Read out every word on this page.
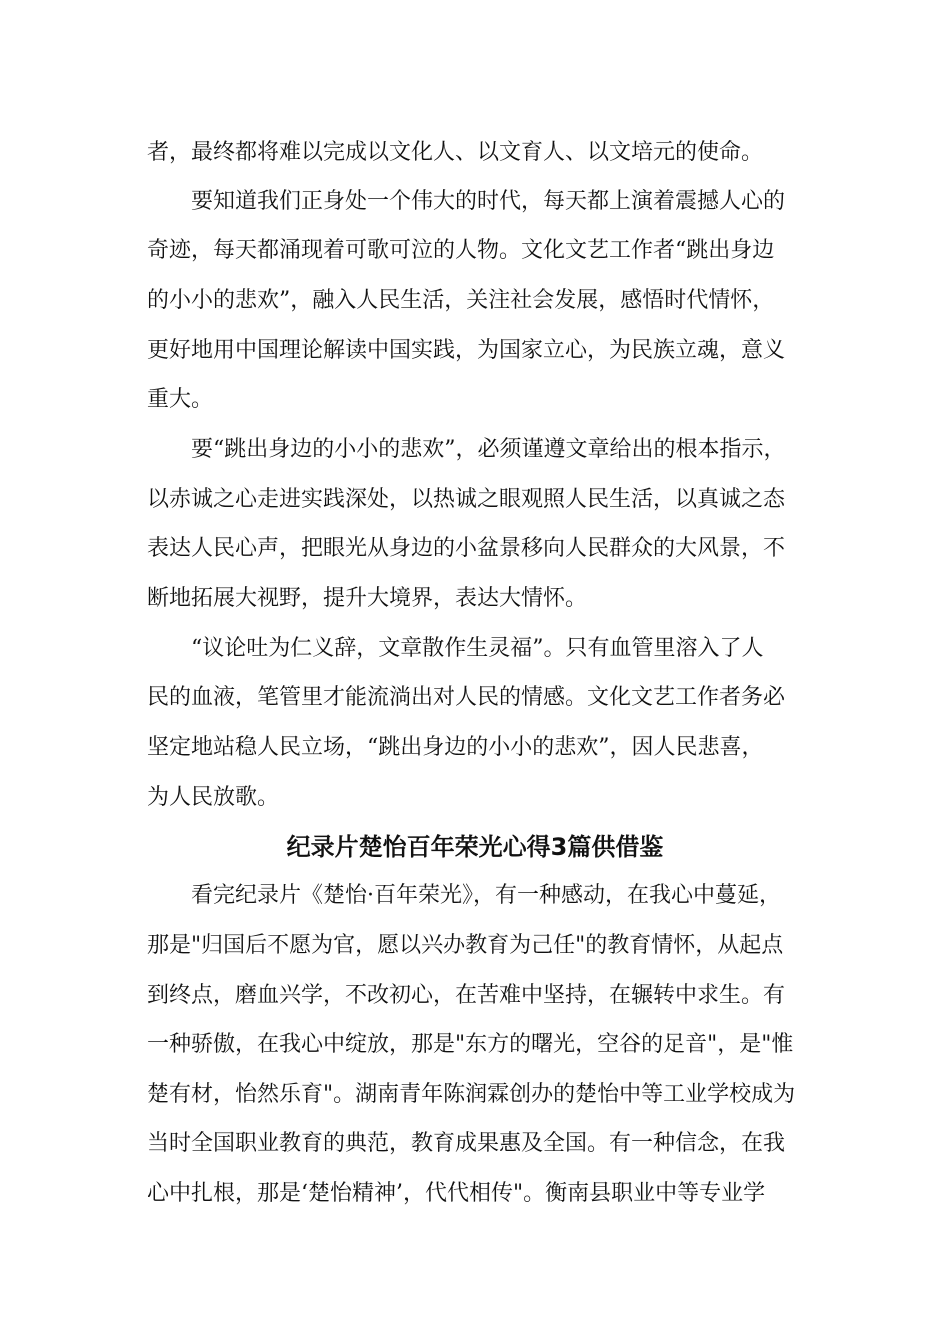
者，最终都将难以完成以文化人、以文育人、以文培元的使命。
　　要知道我们正身处一个伟大的时代，每天都上演着震撼人心的
奇迹，每天都涌现着可歌可泣的人物。文化文艺工作者“跳出身边
的小小的悲欢”，融入人民生活，关注社会发展，感悟时代情怀，
更好地用中国理论解读中国实践，为国家立心，为民族立魂，意义
重大。
　　要“跳出身边的小小的悲欢”，必须谨遵文章给出的根本指示，
以赤诚之心走进实践深处，以热诚之眼观照人民生活，以真诚之态
表达人民心声，把眼光从身边的小盆景移向人民群众的大风景，不
断地拓展大视野，提升大境界，表达大情怀。
　　“议论吐为仁义辞，文章散作生灵福”。只有血管里溶入了人
民的血液，笔管里才能流淌出对人民的情感。文化文艺工作者务必
坚定地站稳人民立场，“跳出身边的小小的悲欢”，因人民悲喜，
为人民放歌。
纪录片楚怡百年荣光心得3篇供借鉴
　　看完纪录片《楚怡·百年荣光》，有一种感动，在我心中蔓延，
那是"归国后不愿为官，愿以兴办教育为己任"的教育情怀，从起点
到终点，磨血兴学，不改初心，在苦难中坚持，在辗转中求生。有
一种骄傲，在我心中绽放，那是"东方的曙光，空谷的足音"，是"惟
楚有材，怡然乐育"。湖南青年陈润霖创办的楚怡中等工业学校成为
当时全国职业教育的典范，教育成果惠及全国。有一种信念，在我
心中扎根，那是‘楚怡精神’，代代相传"。衡南县职业中等专业学
